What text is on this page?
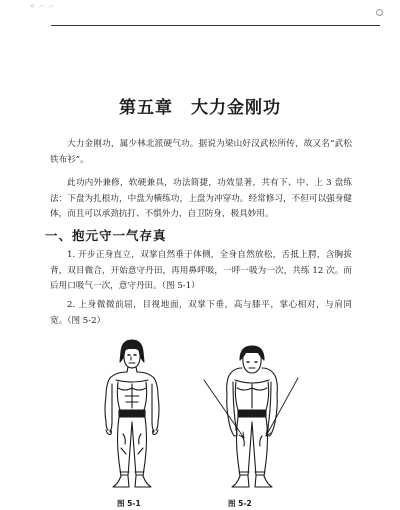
⟡ ⌒ ⌒
第五章　大力金刚功

大力金刚功，属少林北派硬气功。据说为梁山好汉武松所传，故又名“武松铁布衫”。

此功内外兼修，软硬兼具，功法简捷，功效显著，共有下、中、上 3 盘练法：下盘为扎根功，中盘为横练功，上盘为冲穿功。经常修习，不但可以强身健体，而且可以承劲抗打、不惧外力，自卫防身，极具妙用。

一、抱元守一气存真

1. 开步正身直立，双掌自然垂于体侧，全身自然放松，舌抵上腭，含胸拔背，双目微合，开始意守丹田，再用鼻呼吸，一呼一吸为一次，共练 12 次。而后用口吸气一次，意守丹田。（图 5-1）

2. 上身微微前屈，目视地面，双掌下垂，高与膝平，掌心相对，与肩同宽。（图 5-2）

图 5-1	图 5-2
